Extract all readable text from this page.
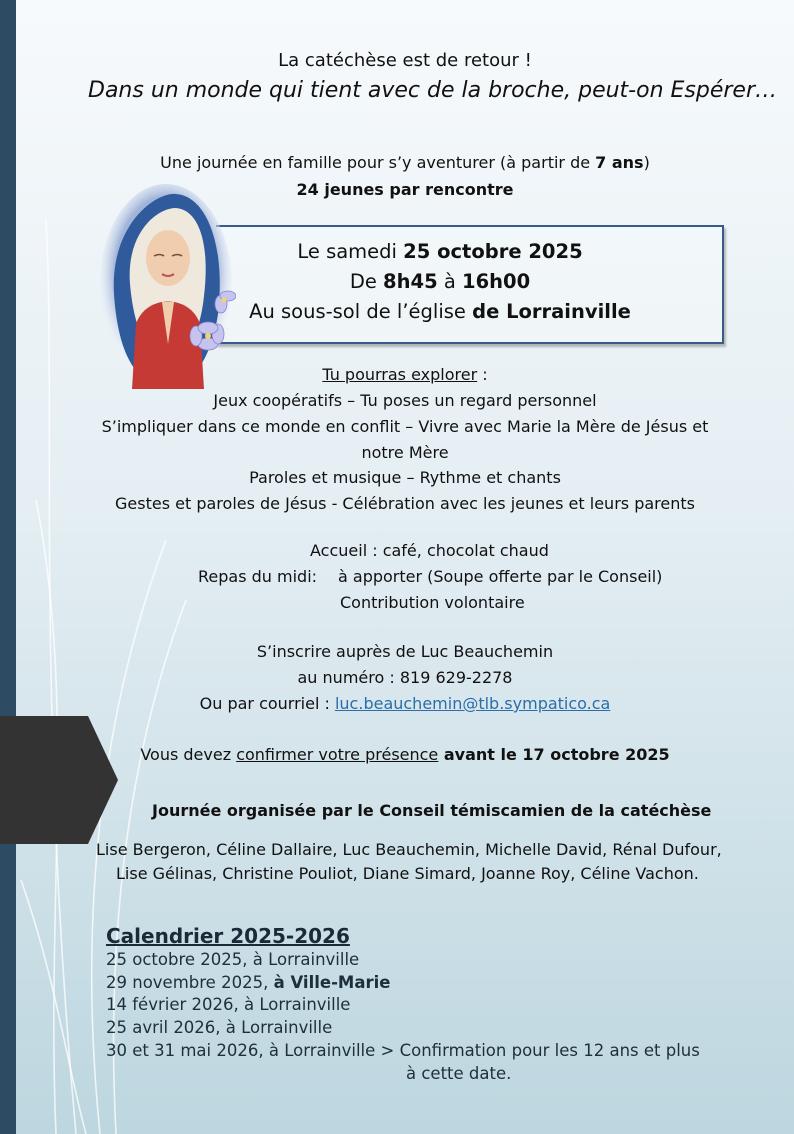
La catéchèse est de retour !
Dans un monde qui tient avec de la broche, peut-on Espérer…
Une journée en famille pour s’y aventurer (à partir de 7 ans)
24 jeunes par rencontre
Le samedi 25 octobre 2025
De 8h45 à 16h00
Au sous-sol de l’église de Lorrainville
Tu pourras explorer :
Jeux coopératifs – Tu poses un regard personnel
S’impliquer dans ce monde en conflit – Vivre avec Marie la Mère de Jésus et
notre Mère
Paroles et musique – Rythme et chants
Gestes et paroles de Jésus - Célébration avec les jeunes et leurs parents
Accueil : café, chocolat chaud
Repas du midi: à apporter (Soupe offerte par le Conseil)
Contribution volontaire
S’inscrire auprès de Luc Beauchemin
au numéro : 819 629-2278
Ou par courriel : luc.beauchemin@tlb.sympatico.ca
Vous devez confirmer votre présence avant le 17 octobre 2025
Journée organisée par le Conseil témiscamien de la catéchèse
Lise Bergeron, Céline Dallaire, Luc Beauchemin, Michelle David, Rénal Dufour,
Lise Gélinas, Christine Pouliot, Diane Simard, Joanne Roy, Céline Vachon.
Calendrier 2025-2026
25 octobre 2025, à Lorrainville
29 novembre 2025, à Ville-Marie
14 février 2026, à Lorrainville
25 avril 2026, à Lorrainville
30 et 31 mai 2026, à Lorrainville > Confirmation pour les 12 ans et plus
à cette date.
